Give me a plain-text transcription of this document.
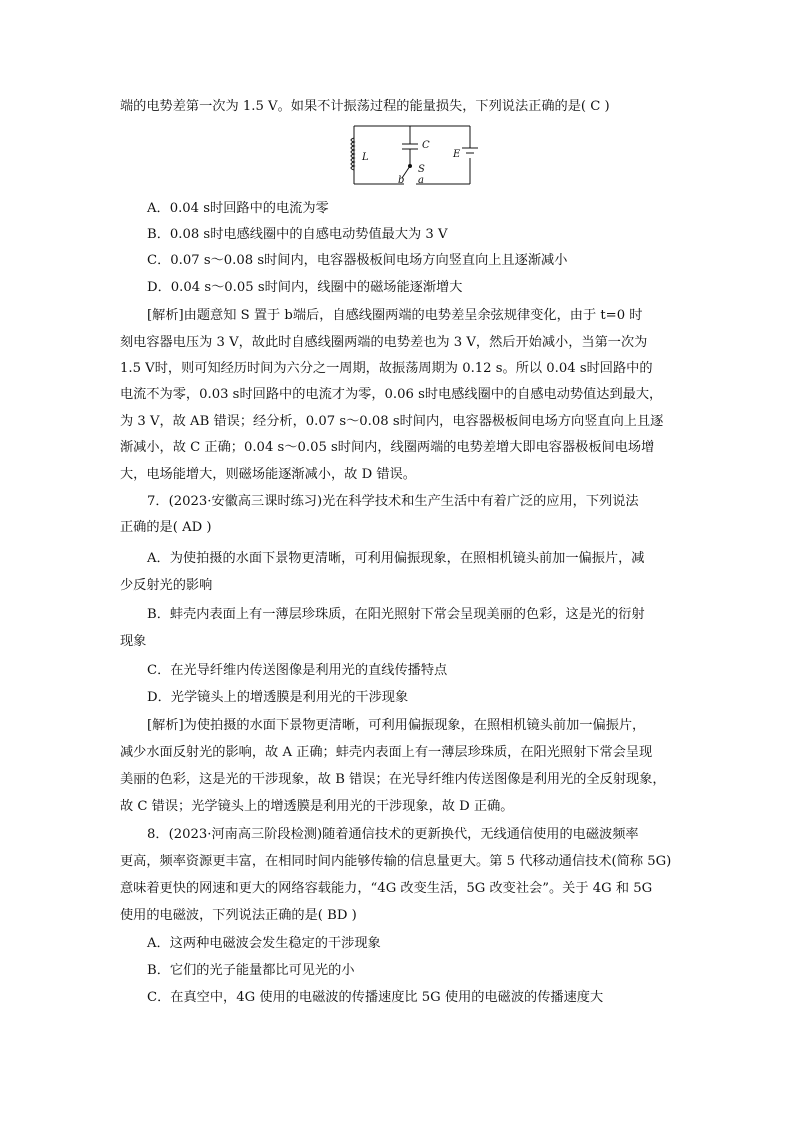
端的电势差第一次为 1.5 V。如果不计振荡过程的能量损失，下列说法正确的是( C )
L
C
S
E
b a
A．0.04 s时回路中的电流为零
B．0.08 s时电感线圈中的自感电动势值最大为 3 V
C．0.07 s～0.08 s时间内，电容器极板间电场方向竖直向上且逐渐减小
D．0.04 s～0.05 s时间内，线圈中的磁场能逐渐增大
[解析]由题意知 S 置于 b端后，自感线圈两端的电势差呈余弦规律变化，由于 t=0 时
刻电容器电压为 3 V，故此时自感线圈两端的电势差也为 3 V，然后开始减小，当第一次为
1.5 V时，则可知经历时间为六分之一周期，故振荡周期为 0.12 s。所以 0.04 s时回路中的
电流不为零，0.03 s时回路中的电流才为零，0.06 s时电感线圈中的自感电动势值达到最大，
为 3 V，故 AB 错误；经分析，0.07 s～0.08 s时间内，电容器极板间电场方向竖直向上且逐
渐减小，故 C 正确；0.04 s～0.05 s时间内，线圈两端的电势差增大即电容器极板间电场增
大，电场能增大，则磁场能逐渐减小，故 D 错误。
7．(2023·安徽高三课时练习)光在科学技术和生产生活中有着广泛的应用，下列说法
正确的是( AD )
A．为使拍摄的水面下景物更清晰，可利用偏振现象，在照相机镜头前加一偏振片，减
少反射光的影响
B．蚌壳内表面上有一薄层珍珠质，在阳光照射下常会呈现美丽的色彩，这是光的衍射
现象
C．在光导纤维内传送图像是利用光的直线传播特点
D．光学镜头上的增透膜是利用光的干涉现象
[解析]为使拍摄的水面下景物更清晰，可利用偏振现象，在照相机镜头前加一偏振片，
减少水面反射光的影响，故 A 正确；蚌壳内表面上有一薄层珍珠质，在阳光照射下常会呈现
美丽的色彩，这是光的干涉现象，故 B 错误；在光导纤维内传送图像是利用光的全反射现象，
故 C 错误；光学镜头上的增透膜是利用光的干涉现象，故 D 正确。
8．(2023·河南高三阶段检测)随着通信技术的更新换代，无线通信使用的电磁波频率
更高，频率资源更丰富，在相同时间内能够传输的信息量更大。第 5 代移动通信技术(简称 5G)
意味着更快的网速和更大的网络容载能力，“4G 改变生活，5G 改变社会”。关于 4G 和 5G
使用的电磁波，下列说法正确的是( BD )
A．这两种电磁波会发生稳定的干涉现象
B．它们的光子能量都比可见光的小
C．在真空中，4G 使用的电磁波的传播速度比 5G 使用的电磁波的传播速度大
